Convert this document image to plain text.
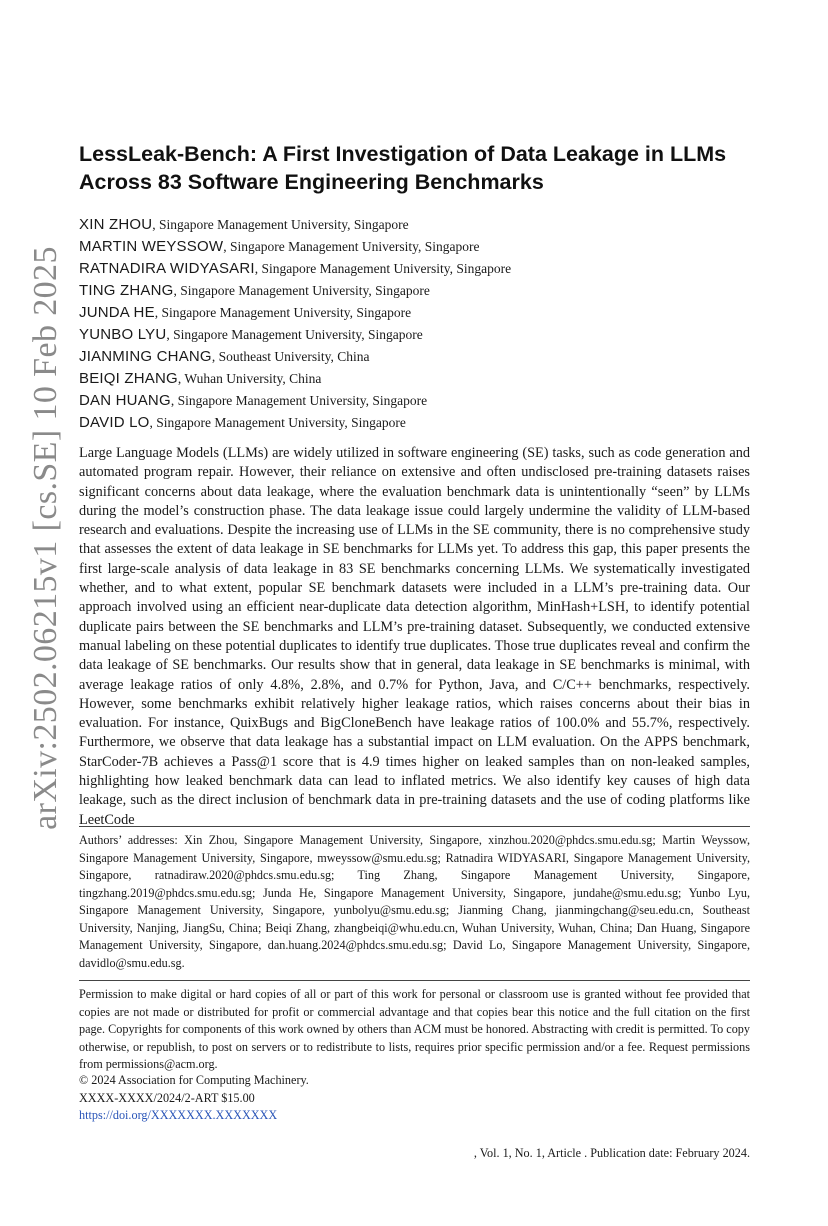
arXiv:2502.06215v1 [cs.SE] 10 Feb 2025
LessLeak-Bench: A First Investigation of Data Leakage in LLMs Across 83 Software Engineering Benchmarks
XIN ZHOU, Singapore Management University, Singapore
MARTIN WEYSSOW, Singapore Management University, Singapore
RATNADIRA WIDYASARI, Singapore Management University, Singapore
TING ZHANG, Singapore Management University, Singapore
JUNDA HE, Singapore Management University, Singapore
YUNBO LYU, Singapore Management University, Singapore
JIANMING CHANG, Southeast University, China
BEIQI ZHANG, Wuhan University, China
DAN HUANG, Singapore Management University, Singapore
DAVID LO, Singapore Management University, Singapore

Large Language Models (LLMs) are widely utilized in software engineering (SE) tasks, such as code generation and automated program repair. However, their reliance on extensive and often undisclosed pre-training datasets raises significant concerns about data leakage, where the evaluation benchmark data is unintentionally “seen” by LLMs during the model’s construction phase. The data leakage issue could largely undermine the validity of LLM-based research and evaluations. Despite the increasing use of LLMs in the SE community, there is no comprehensive study that assesses the extent of data leakage in SE benchmarks for LLMs yet. To address this gap, this paper presents the first large-scale analysis of data leakage in 83 SE benchmarks concerning LLMs. We systematically investigated whether, and to what extent, popular SE benchmark datasets were included in a LLM’s pre-training data. Our approach involved using an efficient near-duplicate data detection algorithm, MinHash+LSH, to identify potential duplicate pairs between the SE benchmarks and LLM’s pre-training dataset. Subsequently, we conducted extensive manual labeling on these potential duplicates to identify true duplicates. Those true duplicates reveal and confirm the data leakage of SE benchmarks. Our results show that in general, data leakage in SE benchmarks is minimal, with average leakage ratios of only 4.8%, 2.8%, and 0.7% for Python, Java, and C/C++ benchmarks, respectively. However, some benchmarks exhibit relatively higher leakage ratios, which raises concerns about their bias in evaluation. For instance, QuixBugs and BigCloneBench have leakage ratios of 100.0% and 55.7%, respectively. Furthermore, we observe that data leakage has a substantial impact on LLM evaluation. On the APPS benchmark, StarCoder-7B achieves a Pass@1 score that is 4.9 times higher on leaked samples than on non-leaked samples, highlighting how leaked benchmark data can lead to inflated metrics. We also identify key causes of high data leakage, such as the direct inclusion of benchmark data in pre-training datasets and the use of coding platforms like LeetCode

Authors’ addresses: Xin Zhou, Singapore Management University, Singapore, xinzhou.2020@phdcs.smu.edu.sg; Martin Weyssow, Singapore Management University, Singapore, mweyssow@smu.edu.sg; Ratnadira WIDYASARI, Singapore Management University, Singapore, ratnadiraw.2020@phdcs.smu.edu.sg; Ting Zhang, Singapore Management University, Singapore, tingzhang.2019@phdcs.smu.edu.sg; Junda He, Singapore Management University, Singapore, jundahe@smu.edu.sg; Yunbo Lyu, Singapore Management University, Singapore, yunbolyu@smu.edu.sg; Jianming Chang, jianmingchang@seu.edu.cn, Southeast University, Nanjing, JiangSu, China; Beiqi Zhang, zhangbeiqi@whu.edu.cn, Wuhan University, Wuhan, China; Dan Huang, Singapore Management University, Singapore, dan.huang.2024@phdcs.smu.edu.sg; David Lo, Singapore Management University, Singapore, davidlo@smu.edu.sg.

Permission to make digital or hard copies of all or part of this work for personal or classroom use is granted without fee provided that copies are not made or distributed for profit or commercial advantage and that copies bear this notice and the full citation on the first page. Copyrights for components of this work owned by others than ACM must be honored. Abstracting with credit is permitted. To copy otherwise, or republish, to post on servers or to redistribute to lists, requires prior specific permission and/or a fee. Request permissions from permissions@acm.org.

© 2024 Association for Computing Machinery.
XXXX-XXXX/2024/2-ART $15.00
https://doi.org/XXXXXXX.XXXXXXX
, Vol. 1, No. 1, Article . Publication date: February 2024.
